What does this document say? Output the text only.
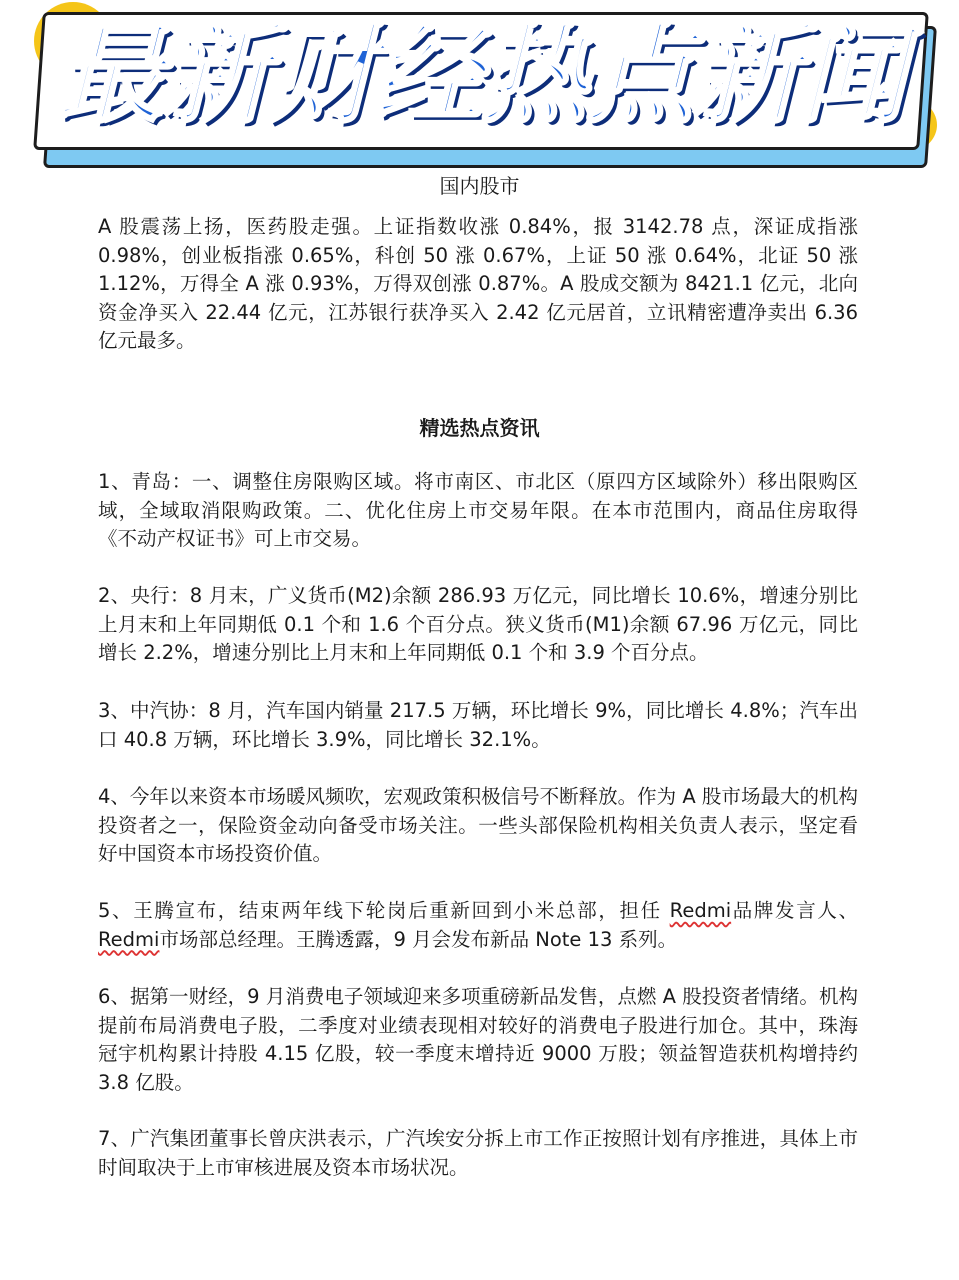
最新财经热点新闻
国内股市

A 股震荡上扬，医药股走强。上证指数收涨 0.84%，报 3142.78 点，深证成指涨 0.98%，创业板指涨 0.65%，科创 50 涨 0.67%，上证 50 涨 0.64%，北证 50 涨 1.12%，万得全 A 涨 0.93%，万得双创涨 0.87%。A 股成交额为 8421.1 亿元，北向资金净买入 22.44 亿元，江苏银行获净买入 2.42 亿元居首，立讯精密遭净卖出 6.36 亿元最多。

精选热点资讯

1、青岛：一、调整住房限购区域。将市南区、市北区（原四方区域除外）移出限购区域，全域取消限购政策。二、优化住房上市交易年限。在本市范围内，商品住房取得《不动产权证书》可上市交易。

2、央行：8 月末，广义货币(M2)余额 286.93 万亿元，同比增长 10.6%，增速分别比上月末和上年同期低 0.1 个和 1.6 个百分点。狭义货币(M1)余额 67.96 万亿元，同比增长 2.2%，增速分别比上月末和上年同期低 0.1 个和 3.9 个百分点。

3、中汽协：8 月，汽车国内销量 217.5 万辆，环比增长 9%，同比增长 4.8%；汽车出口 40.8 万辆，环比增长 3.9%，同比增长 32.1%。

4、今年以来资本市场暖风频吹，宏观政策积极信号不断释放。作为 A 股市场最大的机构投资者之一，保险资金动向备受市场关注。一些头部保险机构相关负责人表示，坚定看好中国资本市场投资价值。

5、王腾宣布，结束两年线下轮岗后重新回到小米总部，担任 Redmi品牌发言人、Redmi市场部总经理。王腾透露，9 月会发布新品 Note 13 系列。

6、据第一财经，9 月消费电子领域迎来多项重磅新品发售，点燃 A 股投资者情绪。机构提前布局消费电子股，二季度对业绩表现相对较好的消费电子股进行加仓。其中，珠海冠宇机构累计持股 4.15 亿股，较一季度末增持近 9000 万股；领益智造获机构增持约 3.8 亿股。

7、广汽集团董事长曾庆洪表示，广汽埃安分拆上市工作正按照计划有序推进，具体上市时间取决于上市审核进展及资本市场状况。
